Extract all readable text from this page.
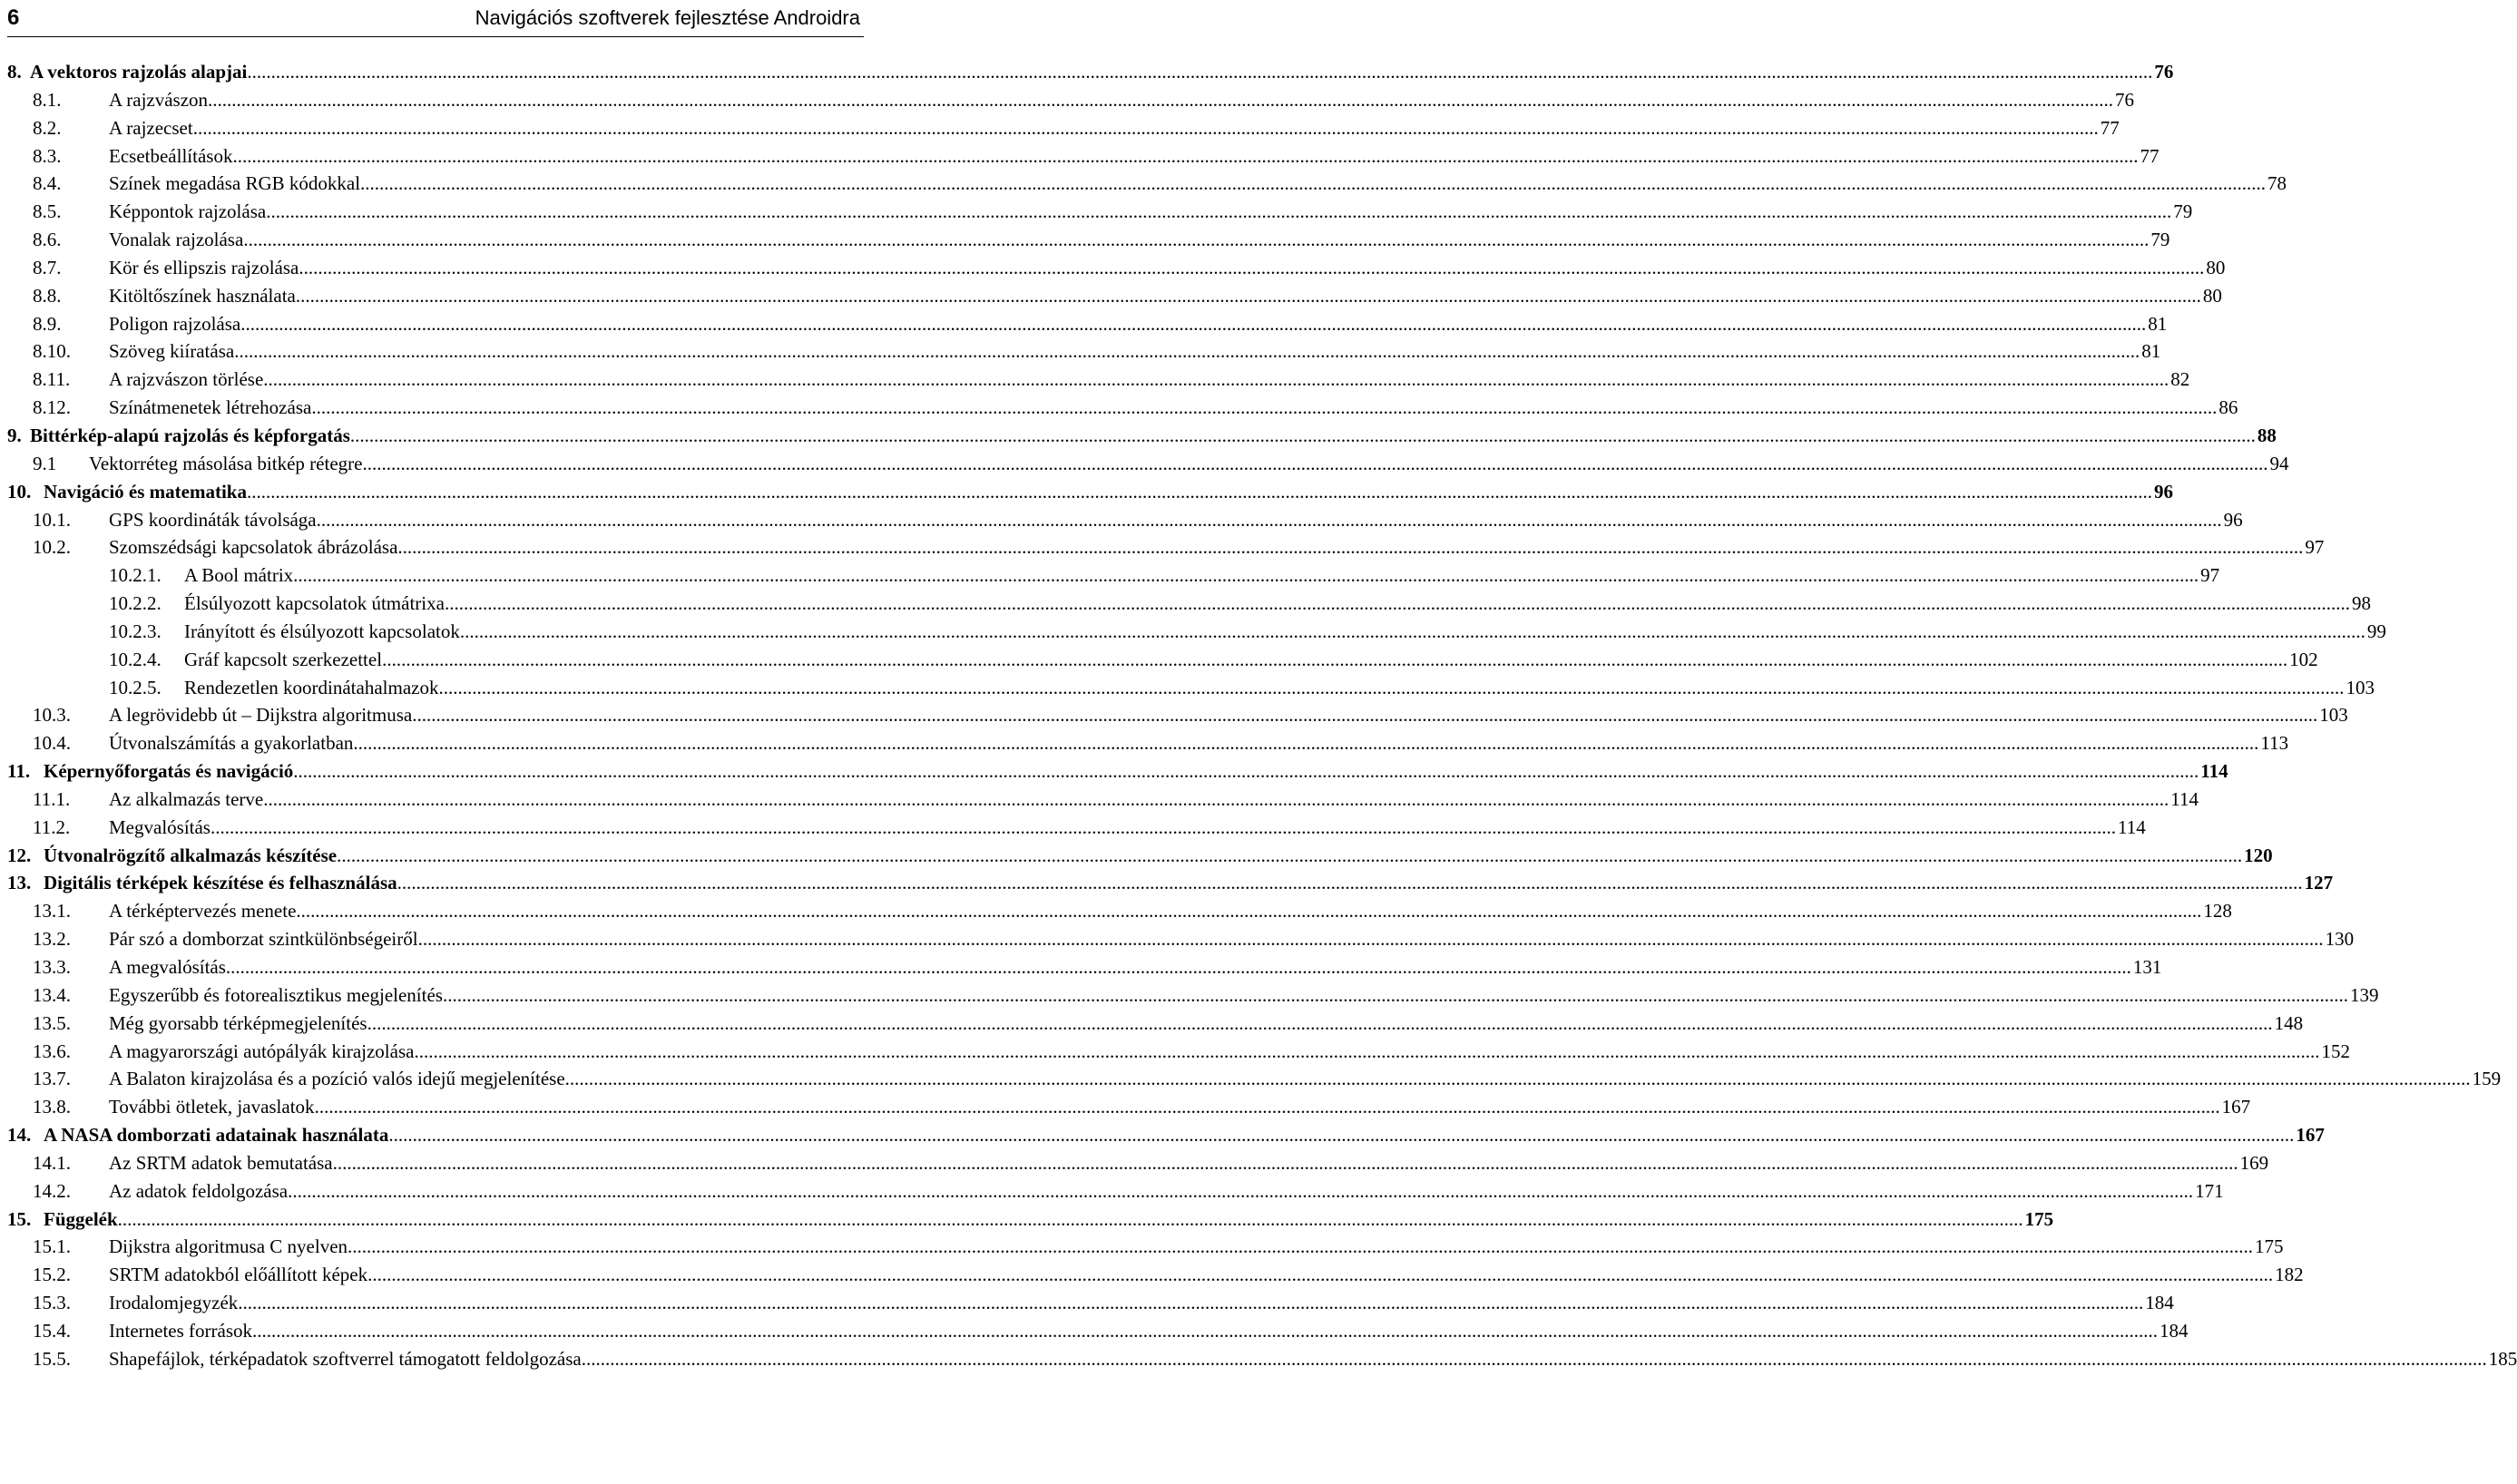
6	Navigációs szoftverek fejlesztése Androidra
8. A vektoros rajzolás alapjai ................................................................................................................................................................................................................................................................................................................................................................................................................ 76
8.1.	A rajzvászon ................................................................................................................................................................................................................................................................................................................................................................................................................ 76
8.2.	A rajzecset ................................................................................................................................................................................................................................................................................................................................................................................................................ 77
8.3.	Ecsetbeállítások ................................................................................................................................................................................................................................................................................................................................................................................................................ 77
8.4.	Színek megadása RGB kódokkal ................................................................................................................................................................................................................................................................................................................................................................................................................ 78
8.5.	Képpontok rajzolása ................................................................................................................................................................................................................................................................................................................................................................................................................ 79
8.6.	Vonalak rajzolása ................................................................................................................................................................................................................................................................................................................................................................................................................ 79
8.7.	Kör és ellipszis rajzolása ................................................................................................................................................................................................................................................................................................................................................................................................................ 80
8.8.	Kitöltőszínek használata ................................................................................................................................................................................................................................................................................................................................................................................................................ 80
8.9.	Poligon rajzolása ................................................................................................................................................................................................................................................................................................................................................................................................................ 81
8.10. Szöveg kiíratása ................................................................................................................................................................................................................................................................................................................................................................................................................ 81
8.11. A rajzvászon törlése ................................................................................................................................................................................................................................................................................................................................................................................................................ 82
8.12. Színátmenetek létrehozása ................................................................................................................................................................................................................................................................................................................................................................................................................ 86
9. Bittérkép-alapú rajzolás és képforgatás ................................................................................................................................................................................................................................................................................................................................................................................................................ 88
9.1 Vektorréteg másolása bitkép rétegre ................................................................................................................................................................................................................................................................................................................................................................................................................ 94
10. Navigáció és matematika ................................................................................................................................................................................................................................................................................................................................................................................................................ 96
10.1. GPS koordináták távolsága ................................................................................................................................................................................................................................................................................................................................................................................................................ 96
10.2. Szomszédsági kapcsolatok ábrázolása ................................................................................................................................................................................................................................................................................................................................................................................................................ 97
10.2.1. A Bool mátrix ................................................................................................................................................................................................................................................................................................................................................................................................................ 97
10.2.2. Élsúlyozott kapcsolatok útmátrixa ................................................................................................................................................................................................................................................................................................................................................................................................................ 98
10.2.3. Irányított és élsúlyozott kapcsolatok ................................................................................................................................................................................................................................................................................................................................................................................................................ 99
10.2.4. Gráf kapcsolt szerkezettel ................................................................................................................................................................................................................................................................................................................................................................................................................ 102
10.2.5. Rendezetlen koordinátahalmazok ................................................................................................................................................................................................................................................................................................................................................................................................................ 103
10.3. A legrövidebb út – Dijkstra algoritmusa ................................................................................................................................................................................................................................................................................................................................................................................................................ 103
10.4. Útvonalszámítás a gyakorlatban ................................................................................................................................................................................................................................................................................................................................................................................................................ 113
11. Képernyőforgatás és navigáció ................................................................................................................................................................................................................................................................................................................................................................................................................ 114
11.1. Az alkalmazás terve ................................................................................................................................................................................................................................................................................................................................................................................................................ 114
11.2. Megvalósítás ................................................................................................................................................................................................................................................................................................................................................................................................................ 114
12. Útvonalrögzítő alkalmazás készítése ................................................................................................................................................................................................................................................................................................................................................................................................................ 120
13. Digitális térképek készítése és felhasználása ................................................................................................................................................................................................................................................................................................................................................................................................................ 127
13.1. A térképtervezés menete ................................................................................................................................................................................................................................................................................................................................................................................................................ 128
13.2. Pár szó a domborzat szintkülönbségeiről ................................................................................................................................................................................................................................................................................................................................................................................................................ 130
13.3. A megvalósítás ................................................................................................................................................................................................................................................................................................................................................................................................................ 131
13.4. Egyszerűbb és fotorealisztikus megjelenítés ................................................................................................................................................................................................................................................................................................................................................................................................................ 139
13.5. Még gyorsabb térképmegjelenítés ................................................................................................................................................................................................................................................................................................................................................................................................................ 148
13.6. A magyarországi autópályák kirajzolása ................................................................................................................................................................................................................................................................................................................................................................................................................ 152
13.7. A Balaton kirajzolása és a pozíció valós idejű megjelenítése ................................................................................................................................................................................................................................................................................................................................................................................................................ 159
13.8. További ötletek, javaslatok ................................................................................................................................................................................................................................................................................................................................................................................................................ 167
14. A NASA domborzati adatainak használata ................................................................................................................................................................................................................................................................................................................................................................................................................ 167
14.1. Az SRTM adatok bemutatása ................................................................................................................................................................................................................................................................................................................................................................................................................ 169
14.2. Az adatok feldolgozása ................................................................................................................................................................................................................................................................................................................................................................................................................ 171
15. Függelék ................................................................................................................................................................................................................................................................................................................................................................................................................ 175
15.1. Dijkstra algoritmusa C nyelven ................................................................................................................................................................................................................................................................................................................................................................................................................ 175
15.2. SRTM adatokból előállított képek ................................................................................................................................................................................................................................................................................................................................................................................................................ 182
15.3. Irodalomjegyzék ................................................................................................................................................................................................................................................................................................................................................................................................................ 184
15.4. Internetes források ................................................................................................................................................................................................................................................................................................................................................................................................................ 184
15.5. Shapefájlok, térképadatok szoftverrel támogatott feldolgozása ................................................................................................................................................................................................................................................................................................................................................................................................................ 185
